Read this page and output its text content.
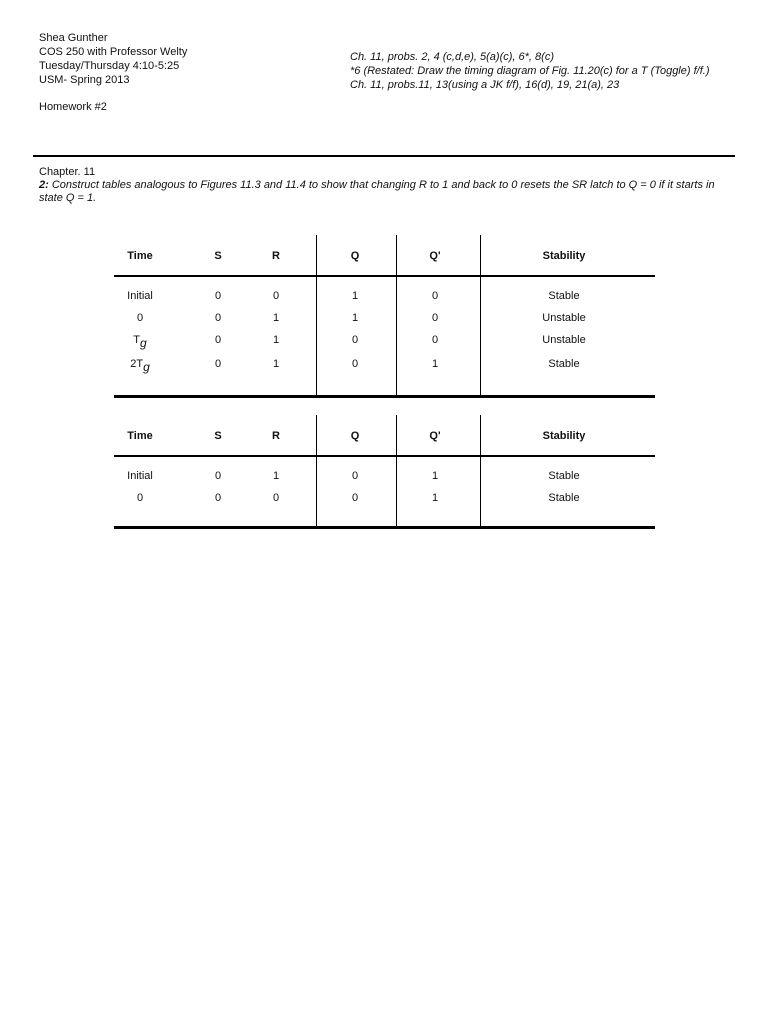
Shea Gunther
COS 250 with Professor Welty
Tuesday/Thursday 4:10-5:25
USM- Spring 2013
Homework #2
Ch. 11, probs. 2, 4 (c,d,e), 5(a)(c), 6*, 8(c)
*6 (Restated: Draw the timing diagram of Fig. 11.20(c) for a T (Toggle) f/f.)
Ch. 11, probs.11, 13(using a JK f/f), 16(d), 19, 21(a), 23
Chapter. 11
2: Construct tables analogous to Figures 11.3 and 11.4 to show that changing R to 1 and back to 0 resets the SR latch to Q = 0 if it starts in state Q = 1.
Time	S	R	Q	Q'	Stability
Initial	0	0	1	0	Stable
0	0	1	1	0	Unstable
$T_g$	0	1	0	0	Unstable
$2T_g$	0	1	0	1	Stable
Time	S	R	Q	Q'	Stability
Initial	0	1	0	1	Stable
0	0	0	0	1	Stable
